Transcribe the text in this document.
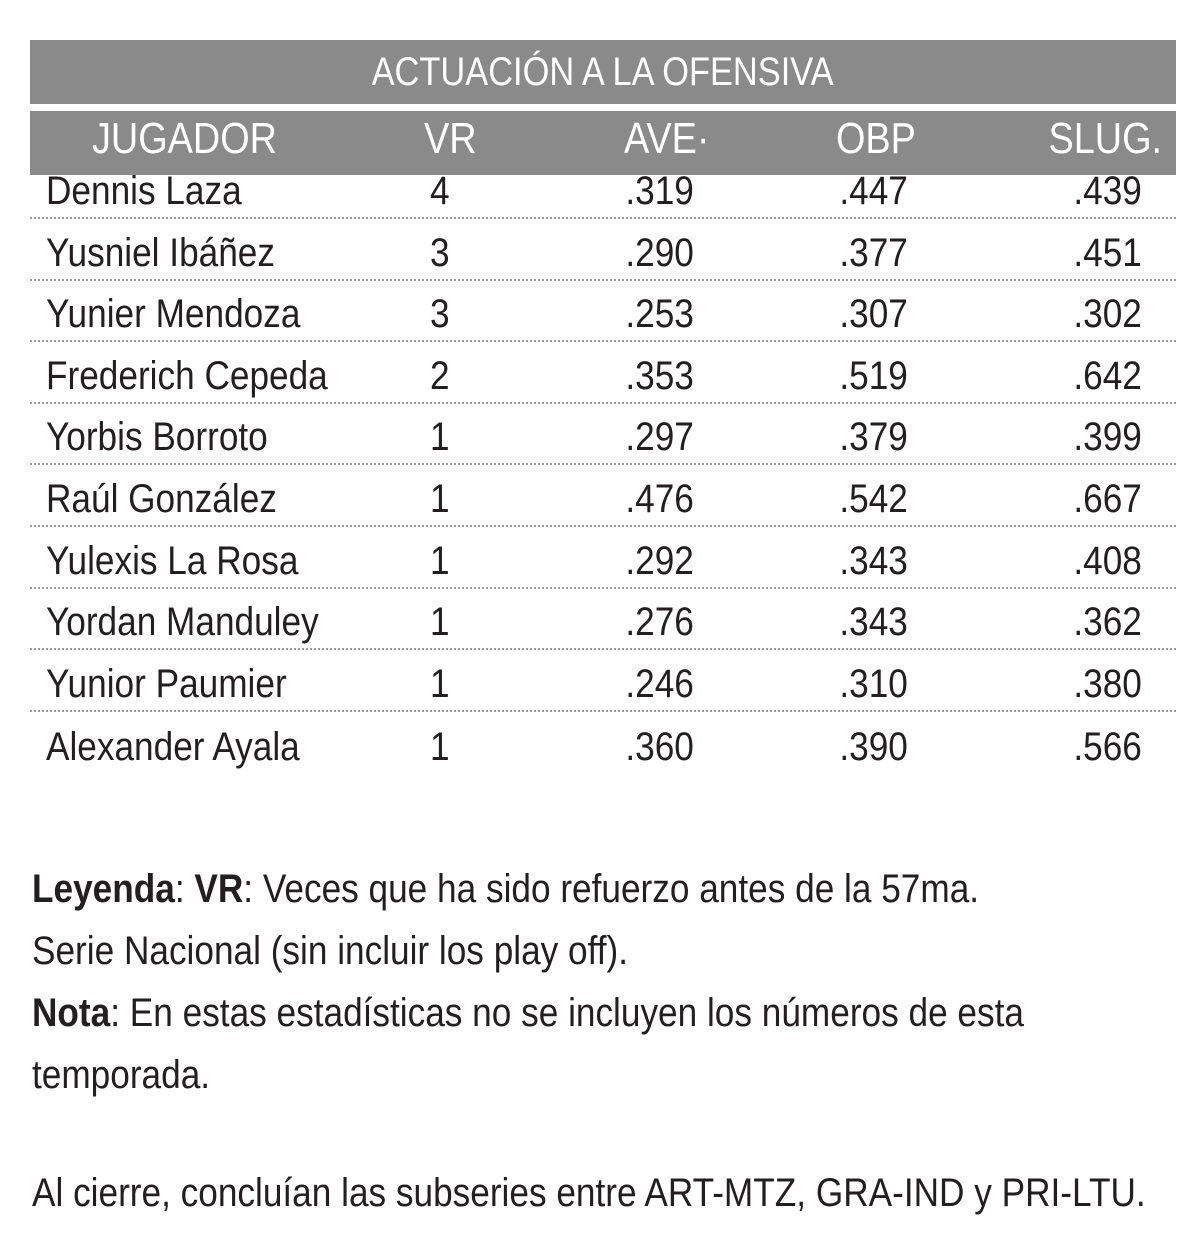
ACTUACIÓN A LA OFENSIVA
JUGADOR	VR	AVE·	OBP	SLUG.
Dennis Laza	4	.319	.447	.439
Yusniel Ibáñez	3	.290	.377	.451
Yunier Mendoza	3	.253	.307	.302
Frederich Cepeda	2	.353	.519	.642
Yorbis Borroto	1	.297	.379	.399
Raúl González	1	.476	.542	.667
Yulexis La Rosa	1	.292	.343	.408
Yordan Manduley	1	.276	.343	.362
Yunior Paumier	1	.246	.310	.380
Alexander Ayala	1	.360	.390	.566

Leyenda: VR: Veces que ha sido refuerzo antes de la 57ma.

Serie Nacional (sin incluir los play off).

Nota: En estas estadísticas no se incluyen los números de esta

temporada.

Al cierre, concluían las subseries entre ART-MTZ, GRA-IND y PRI-LTU.
